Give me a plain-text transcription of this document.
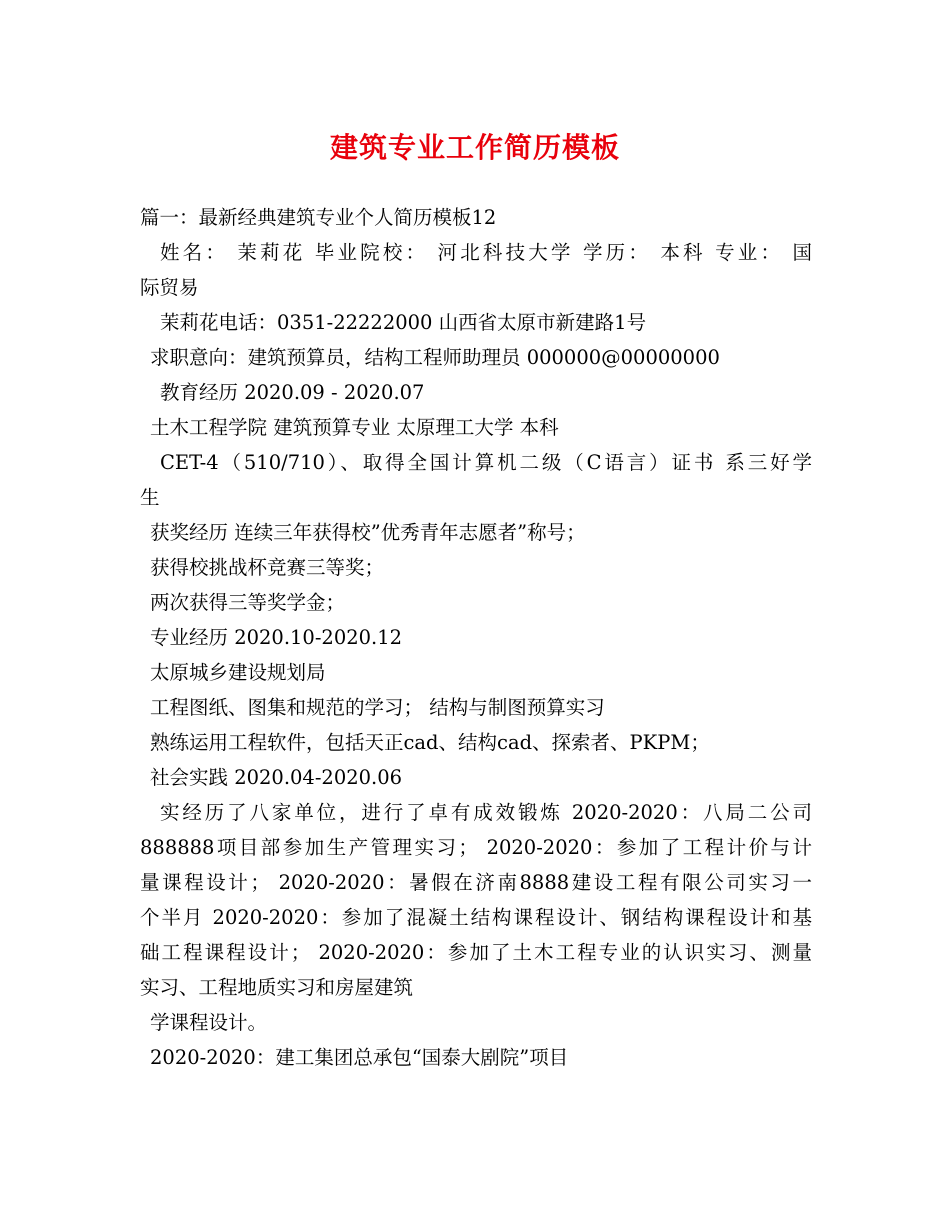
建筑专业工作简历模板
篇一：最新经典建筑专业个人简历模板12
姓名： 茉莉花 毕业院校： 河北科技大学 学历： 本科 专业： 国
际贸易
茉莉花电话：0351-22222000 山西省太原市新建路1号
求职意向：建筑预算员，结构工程师助理员 000000@00000000
教育经历 2020.09 - 2020.07
土木工程学院 建筑预算专业 太原理工大学 本科
CET-4（510/710）、取得全国计算机二级（C语言）证书 系三好学
生
获奖经历 连续三年获得校”优秀青年志愿者”称号；
获得校挑战杯竞赛三等奖；
两次获得三等奖学金；
专业经历 2020.10-2020.12
太原城乡建设规划局
工程图纸、图集和规范的学习； 结构与制图预算实习
熟练运用工程软件，包括天正cad、结构cad、探索者、PKPM；
社会实践 2020.04-2020.06
实经历了八家单位，进行了卓有成效锻炼 2020-2020：八局二公司
888888项目部参加生产管理实习； 2020-2020：参加了工程计价与计
量课程设计； 2020-2020：暑假在济南8888建设工程有限公司实习一
个半月 2020-2020：参加了混凝土结构课程设计、钢结构课程设计和基
础工程课程设计； 2020-2020：参加了土木工程专业的认识实习、测量
实习、工程地质实习和房屋建筑
学课程设计。
2020-2020：建工集团总承包“国泰大剧院”项目
